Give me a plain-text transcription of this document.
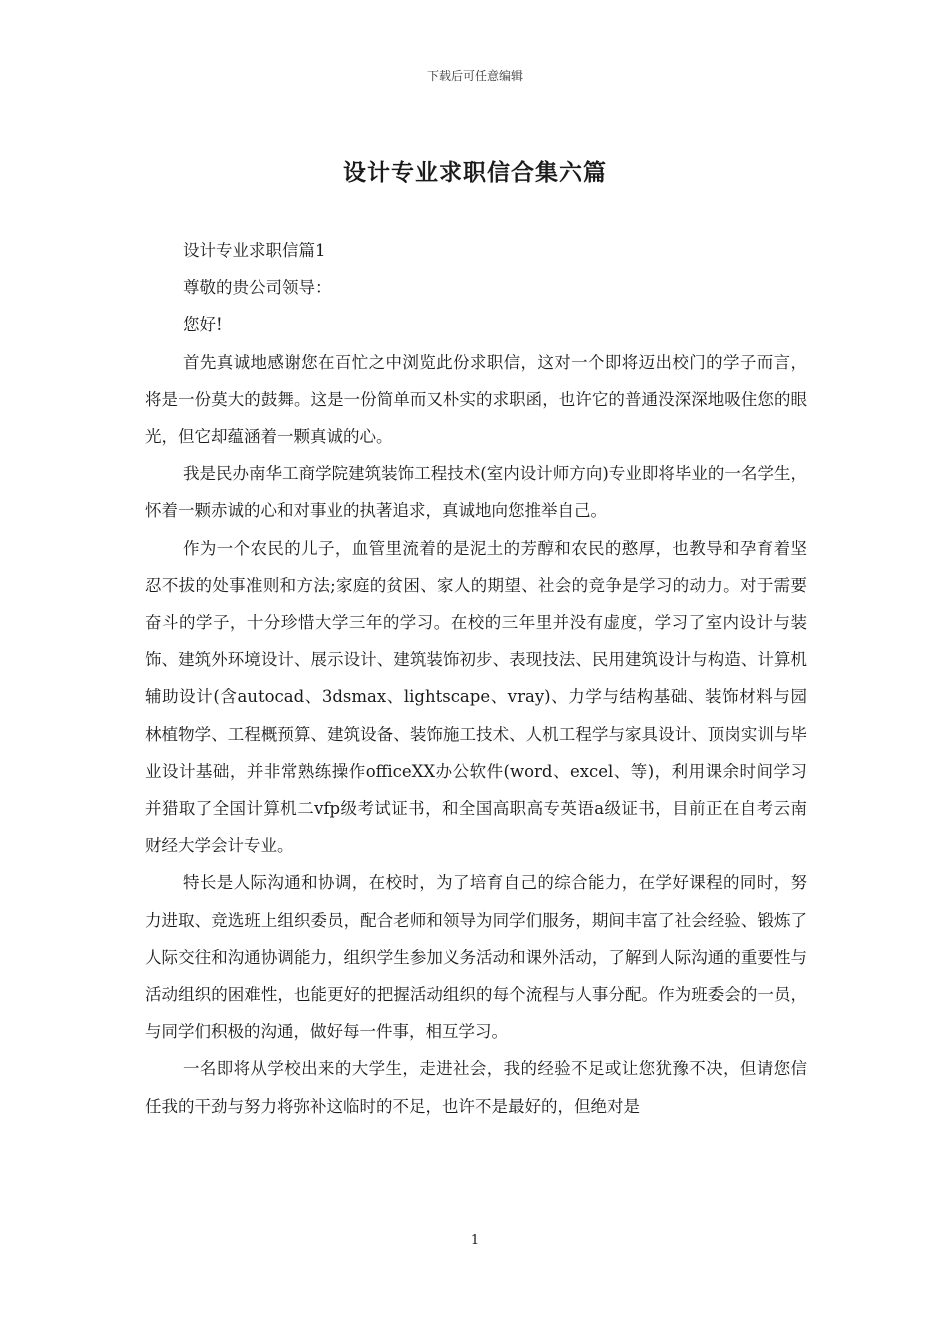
下载后可任意编辑
设计专业求职信合集六篇

设计专业求职信篇1

尊敬的贵公司领导：

您好!

首先真诚地感谢您在百忙之中浏览此份求职信，这对一个即将迈出校门的学子而言，将是一份莫大的鼓舞。这是一份简单而又朴实的求职函，也许它的普通没深深地吸住您的眼光，但它却蕴涵着一颗真诚的心。

我是民办南华工商学院建筑装饰工程技术(室内设计师方向)专业即将毕业的一名学生，怀着一颗赤诚的心和对事业的执著追求，真诚地向您推举自己。

作为一个农民的儿子，血管里流着的是泥土的芳醇和农民的憨厚，也教导和孕育着坚忍不拔的处事准则和方法;家庭的贫困、家人的期望、社会的竞争是学习的动力。对于需要奋斗的学子，十分珍惜大学三年的学习。在校的三年里并没有虚度，学习了室内设计与装饰、建筑外环境设计、展示设计、建筑装饰初步、表现技法、民用建筑设计与构造、计算机辅助设计(含autocad、3dsmax、lightscape、vray)、力学与结构基础、装饰材料与园林植物学、工程概预算、建筑设备、装饰施工技术、人机工程学与家具设计、顶岗实训与毕业设计基础，并非常熟练操作officeXX办公软件(word、excel、等)，利用课余时间学习并猎取了全国计算机二vfp级考试证书，和全国高职高专英语a级证书，目前正在自考云南财经大学会计专业。

特长是人际沟通和协调，在校时，为了培育自己的综合能力，在学好课程的同时，努力进取、竞选班上组织委员，配合老师和领导为同学们服务，期间丰富了社会经验、锻炼了人际交往和沟通协调能力，组织学生参加义务活动和课外活动，了解到人际沟通的重要性与活动组织的困难性，也能更好的把握活动组织的每个流程与人事分配。作为班委会的一员，与同学们积极的沟通，做好每一件事，相互学习。

一名即将从学校出来的大学生，走进社会，我的经验不足或让您犹豫不决，但请您信任我的干劲与努力将弥补这临时的不足，也许不是最好的，但绝对是

1
